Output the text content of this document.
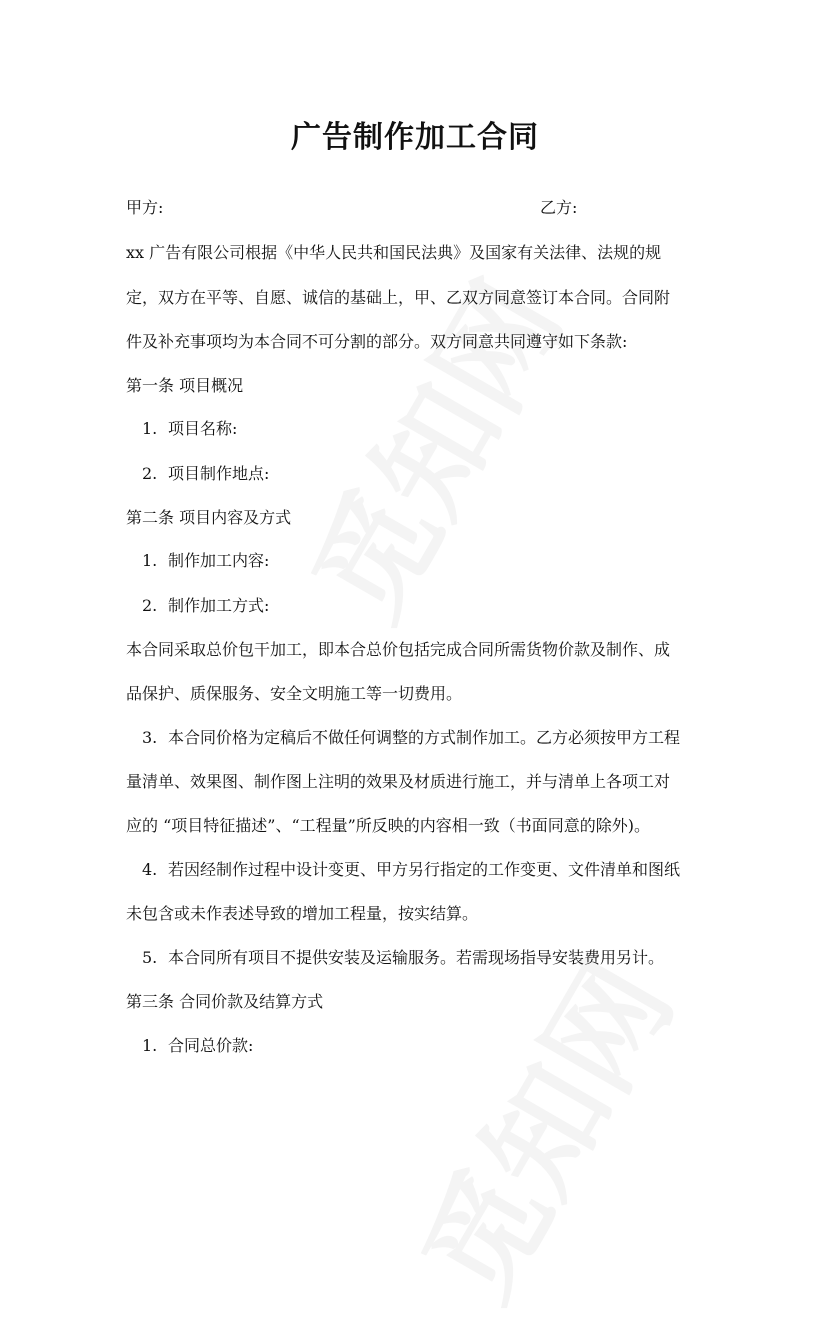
广告制作加工合同

甲方:	乙方:

xx 广告有限公司根据《中华人民共和国民法典》及国家有关法律、法规的规

定，双方在平等、自愿、诚信的基础上，甲、乙双方同意签订本合同。合同附

件及补充事项均为本合同不可分割的部分。双方同意共同遵守如下条款:

第一条 项目概况

1. 项目名称:

2. 项目制作地点:

第二条 项目内容及方式

1. 制作加工内容:

2. 制作加工方式:

本合同采取总价包干加工，即本合总价包括完成合同所需货物价款及制作、成

品保护、质保服务、安全文明施工等一切费用。

3. 本合同价格为定稿后不做任何调整的方式制作加工。乙方必须按甲方工程

量清单、效果图、制作图上注明的效果及材质进行施工，并与清单上各项工对

应的 “项目特征描述”、“工程量”所反映的内容相一致（书面同意的除外)。

4. 若因经制作过程中设计变更、甲方另行指定的工作变更、文件清单和图纸

未包含或未作表述导致的增加工程量，按实结算。

5. 本合同所有项目不提供安装及运输服务。若需现场指导安装费用另计。

第三条 合同价款及结算方式

1. 合同总价款:
